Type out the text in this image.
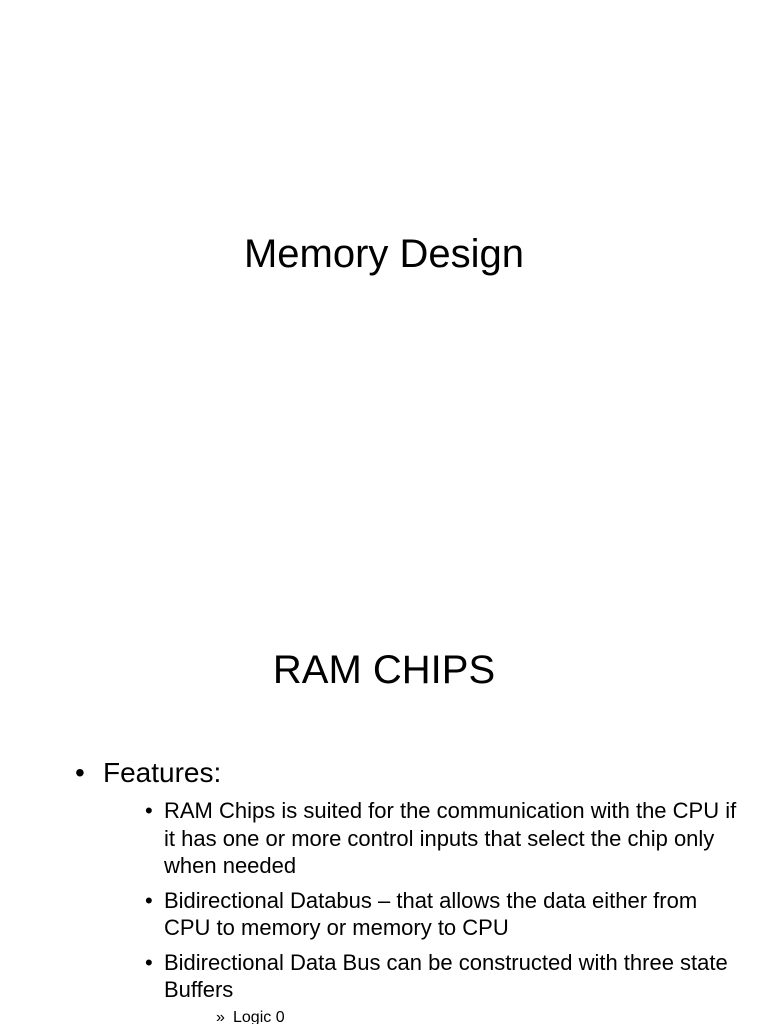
Memory Design
RAM CHIPS
• Features:
• RAM Chips is suited for the communication with the CPU if it has one or more control inputs that select the chip only when needed
• Bidirectional Databus – that allows the data either from CPU to memory or memory to CPU
• Bidirectional Data Bus can be constructed with three state Buffers
» Logic 0
